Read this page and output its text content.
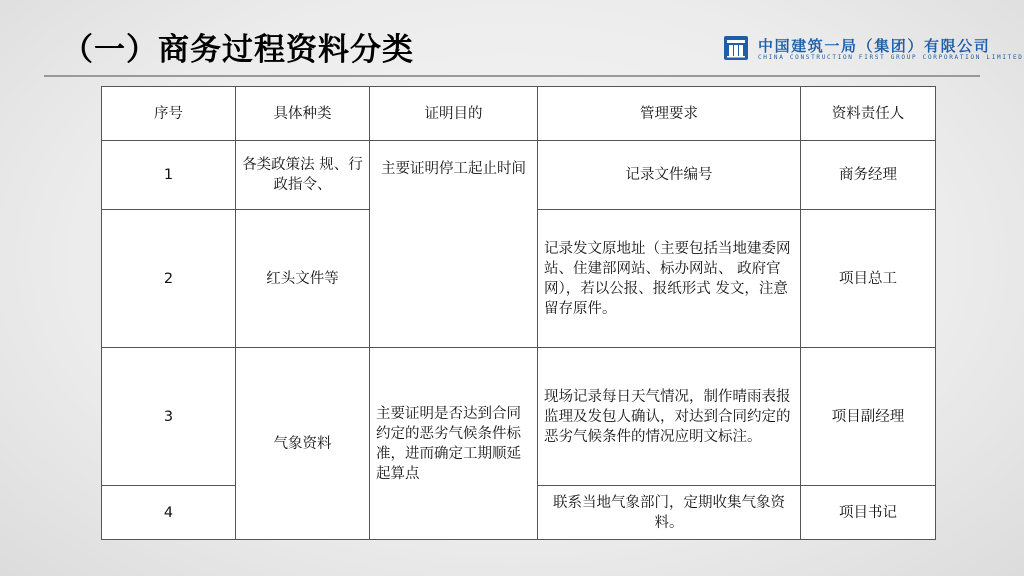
（一）商务过程资料分类	中国建筑一局（集团）有限公司
CHINA CONSTRUCTION FIRST GROUP CORPORATION LIMITED
序号	具体种类	证明目的	管理要求	资料责任人
1	各类政策法 规、行政指令、	主要证明停工起止时间	记录文件编号	商务经理
2	红头文件等		记录发文原地址（主要包括当地建委网站、住建部网站、标办网站、 政府官网），若以公报、报纸形式 发文，注意留存原件。	项目总工
3	气象资料	主要证明是否达到合同约定的恶劣气候条件标准，进而确定工期顺延起算点	现场记录每日天气情况，制作晴雨表报监理及发包人确认，对达到合同约定的恶劣气候条件的情况应明文标注。	项目副经理
4			联系当地气象部门，定期收集气象资料。	项目书记
